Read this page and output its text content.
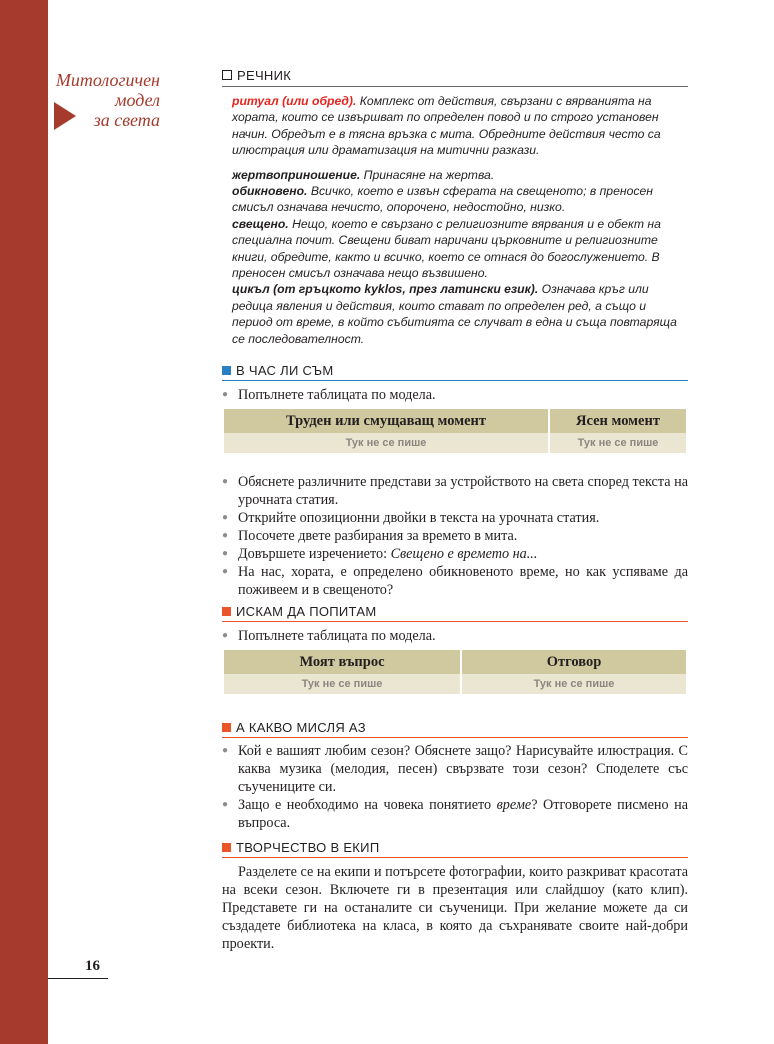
Митологичен
модел
за света
РЕЧНИК

ритуал (или обред). Комплекс от действия, свързани с вярванията на хората, които се извършват по определен повод и по строго установен начин. Обредът е в тясна връзка с мита. Обредните действия често са илюстрация или драматизация на митични разкази.

жертвоприношение. Принасяне на жертва.

обикновено. Всичко, което е извън сферата на свещеното; в преносен смисъл означава нечисто, опорочено, недостойно, низко.

свещено. Нещо, което е свързано с религиозните вярвания и е обект на специална почит. Свещени биват наричани църковните и религиозните книги, обредите, както и всичко, което се отнася до богослужението. В преносен смисъл означава нещо възвишено.

цикъл (от гръцкото kyklos, през латински език). Означава кръг или редица явления и действия, които стават по определен ред, а също и период от време, в който събитията се случват в една и съща повтаряща се последователност.

В ЧАС ЛИ СЪМ
● Попълнете таблицата по модела.
Труден или смущаващ момент	Ясен момент
Тук не се пише	Тук не се пише
● Обяснете различните представи за устройството на света според текста на урочната статия.
● Открийте опозиционни двойки в текста на урочната статия.
● Посочете двете разбирания за времето в мита.
● Довършете изречението: Свещено е времето на...
● На нас, хората, е определено обикновеното време, но как успяваме да поживеем и в свещеното?
ИСКАМ ДА ПОПИТАМ
● Попълнете таблицата по модела.
Моят въпрос	Отговор
Тук не се пише	Тук не се пише
А КАКВО МИСЛЯ АЗ
● Кой е вашият любим сезон? Обяснете защо? Нарисувайте илюстрация. С каква музика (мелодия, песен) свързвате този сезон? Споделете със съучениците си.
● Защо е необходимо на човека понятието време? Отговорете писмено на въпроса.
ТВОРЧЕСТВО В ЕКИП
Разделете се на екипи и потърсете фотографии, които разкриват красотата на всеки сезон. Включете ги в презентация или слайдшоу (като клип). Представете ги на останалите си съученици. При желание можете да си създадете библиотека на класа, в която да съхранявате своите най-добри проекти.
16
